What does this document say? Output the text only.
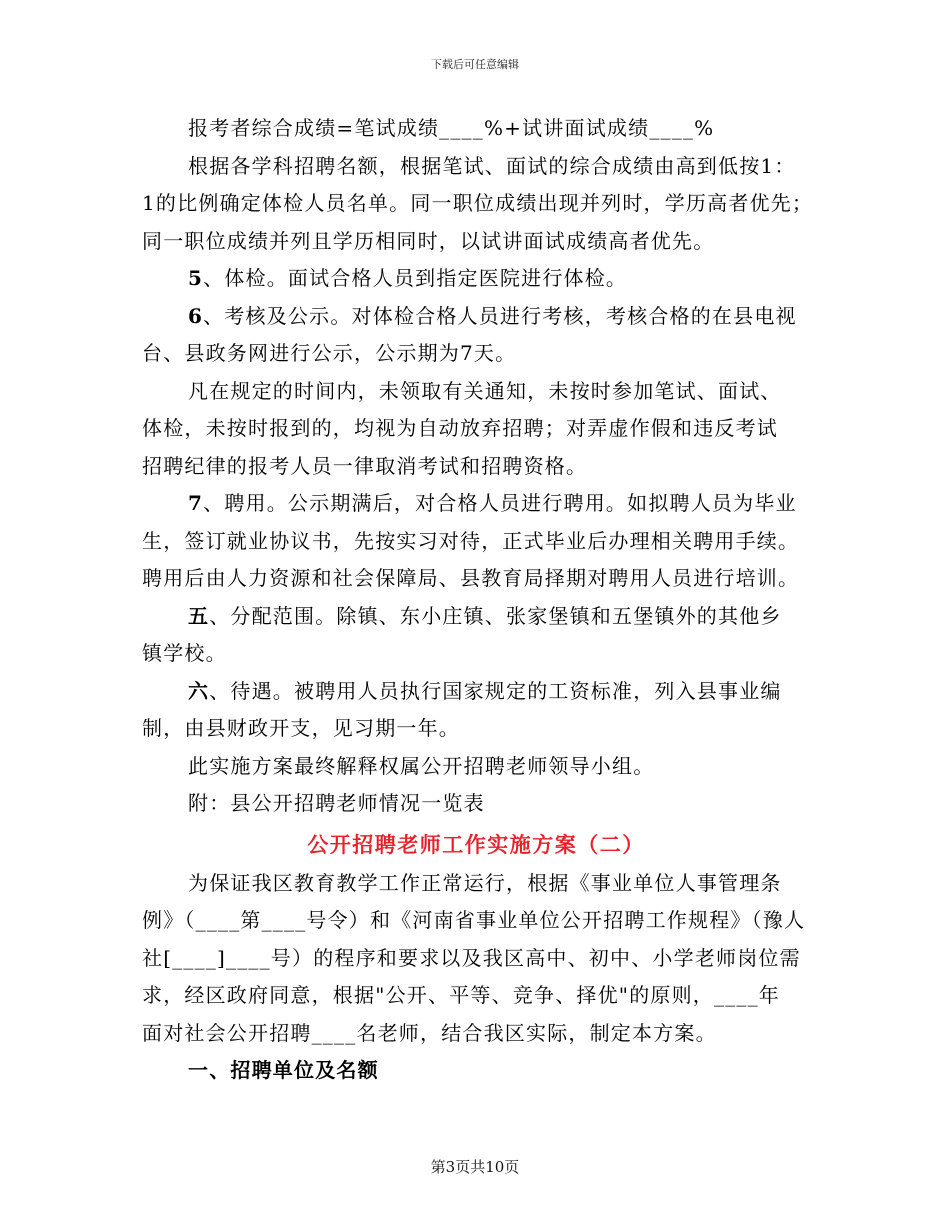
下载后可任意编辑

报考者综合成绩=笔试成绩____%+试讲面试成绩____%

根据各学科招聘名额，根据笔试、面试的综合成绩由高到低按1：
1的比例确定体检人员名单。同一职位成绩出现并列时，学历高者优先；
同一职位成绩并列且学历相同时，以试讲面试成绩高者优先。

5、体检。面试合格人员到指定医院进行体检。

6、考核及公示。对体检合格人员进行考核，考核合格的在县电视
台、县政务网进行公示，公示期为7天。

凡在规定的时间内，未领取有关通知，未按时参加笔试、面试、
体检，未按时报到的，均视为自动放弃招聘；对弄虚作假和违反考试
招聘纪律的报考人员一律取消考试和招聘资格。

7、聘用。公示期满后，对合格人员进行聘用。如拟聘人员为毕业
生，签订就业协议书，先按实习对待，正式毕业后办理相关聘用手续。
聘用后由人力资源和社会保障局、县教育局择期对聘用人员进行培训。

五、分配范围。除镇、东小庄镇、张家堡镇和五堡镇外的其他乡
镇学校。

六、待遇。被聘用人员执行国家规定的工资标准，列入县事业编
制，由县财政开支，见习期一年。

此实施方案最终解释权属公开招聘老师领导小组。

附：县公开招聘老师情况一览表

公开招聘老师工作实施方案（二）

为保证我区教育教学工作正常运行，根据《事业单位人事管理条
例》（____第____号令）和《河南省事业单位公开招聘工作规程》（豫人
社[____]____号）的程序和要求以及我区高中、初中、小学老师岗位需
求，经区政府同意，根据"公开、平等、竞争、择优"的原则，____年
面对社会公开招聘____名老师，结合我区实际，制定本方案。

一、招聘单位及名额

第3页共10页
